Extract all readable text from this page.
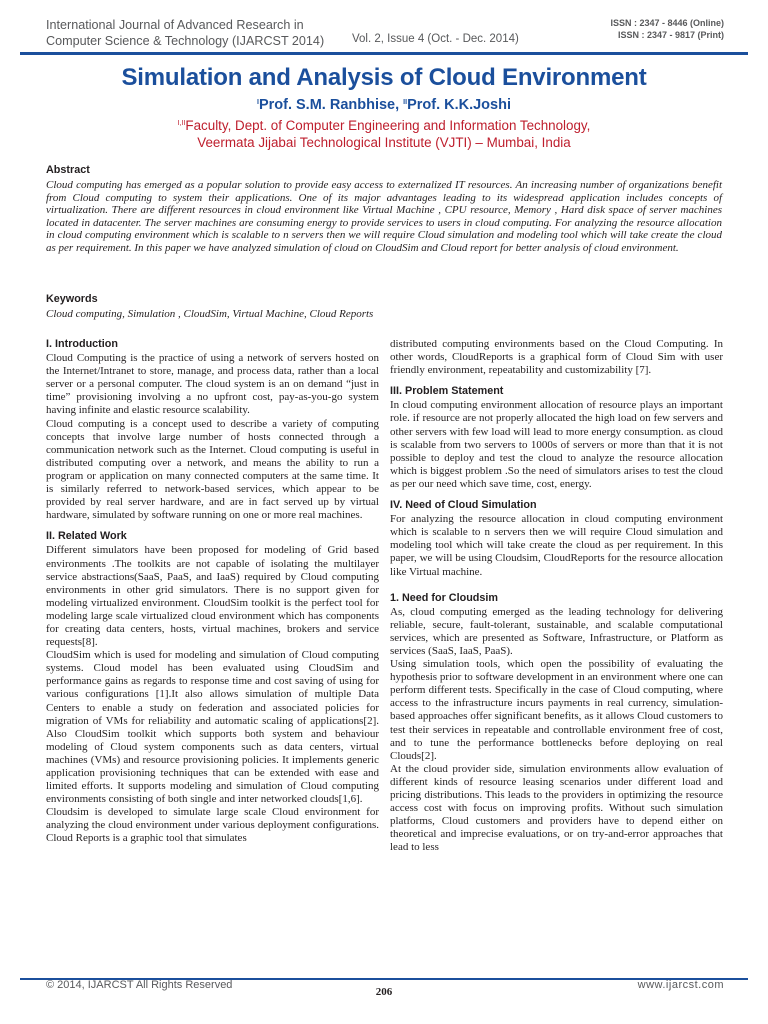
International Journal of Advanced Research in
Computer Science & Technology (IJARCST 2014)	Vol. 2, Issue 4 (Oct. - Dec. 2014)
ISSN : 2347 - 8446 (Online)
ISSN : 2347 - 9817 (Print)
Simulation and Analysis of Cloud Environment
$^I$Prof. S.M. Ranbhise, $^{II}$Prof. K.K.Joshi
$^{I,II}$Faculty, Dept. of Computer Engineering and Information Technology,
Veermata Jijabai Technological Institute (VJTI) – Mumbai, India
Abstract
Cloud computing has emerged as a popular solution to provide easy access to externalized IT resources. An increasing number of organizations benefit from Cloud computing to system their applications. One of its major advantages leading to its widespread application includes concepts of virtualization. There are different resources in cloud environment like Virtual Machine , CPU resource, Memory , Hard disk space of server machines located in datacenter. The server machines are consuming energy to provide services to users in cloud computing. For analyzing the resource allocation in cloud computing environment which is scalable to n servers then we will require Cloud simulation and modeling tool which will take create the cloud as per requirement. In this paper we have analyzed simulation of cloud on CloudSim and Cloud report for better analysis of cloud environment.
Keywords
Cloud computing, Simulation , CloudSim, Virtual Machine, Cloud Reports

I. Introduction

Cloud Computing is the practice of using a network of servers hosted on the Internet/Intranet to store, manage, and process data, rather than a local server or a personal computer. The cloud system is an on demand “just in time” provisioning involving a no upfront cost, pay-as-you-go system having infinite and elastic resource scalability.

Cloud computing is a concept used to describe a variety of computing concepts that involve large number of hosts connected through a communication network such as the Internet. Cloud computing is useful in distributed computing over a network, and means the ability to run a program or application on many connected computers at the same time. It is similarly referred to network-based services, which appear to be provided by real server hardware, and are in fact served up by virtual hardware, simulated by software running on one or more real machines.

II. Related Work

Different simulators have been proposed for modeling of Grid based environments .The toolkits are not capable of isolating the multilayer service abstractions(SaaS, PaaS, and IaaS) required by Cloud computing environments in other grid simulators. There is no support given for modeling virtualized environment. CloudSim toolkit is the perfect tool for modeling large scale virtualized cloud environment which has components for creating data centers, hosts, virtual machines, brokers and service requests[8].

CloudSim which is used for modeling and simulation of Cloud computing systems. Cloud model has been evaluated using CloudSim and performance gains as regards to response time and cost saving of using for various configurations [1].It also allows simulation of multiple Data Centers to enable a study on federation and associated policies for migration of VMs for reliability and automatic scaling of applications[2]. Also CloudSim toolkit which supports both system and behaviour modeling of Cloud system components such as data centers, virtual machines (VMs) and resource provisioning policies. It implements generic application provisioning techniques that can be extended with ease and limited efforts. It supports modeling and simulation of Cloud computing environments consisting of both single and inter networked clouds[1,6].

Cloudsim is developed to simulate large scale Cloud environment for analyzing the cloud environment under various deployment configurations. Cloud Reports is a graphic tool that simulates

distributed computing environments based on the Cloud Computing. In other words, CloudReports is a graphical form of Cloud Sim with user friendly environment, repeatability and customizability [7].

III. Problem Statement

In cloud computing environment allocation of resource plays an important role. if resource are not properly allocated the high load on few servers and other servers with few load will lead to more energy consumption. as cloud is scalable from two servers to 1000s of servers or more than that it is not possible to deploy and test the cloud to analyze the resource allocation which is biggest problem .So the need of simulators arises to test the cloud as per our need which save time, cost, energy.

IV. Need of Cloud Simulation

For analyzing the resource allocation in cloud computing environment which is scalable to n servers then we will require Cloud simulation and modeling tool which will take create the cloud as per requirement. In this paper, we will be using Cloudsim, CloudReports for the resource allocation like Virtual machine.

1. Need for Cloudsim

As, cloud computing emerged as the leading technology for delivering reliable, secure, fault-tolerant, sustainable, and scalable computational services, which are presented as Software, Infrastructure, or Platform as services (SaaS, IaaS, PaaS).

Using simulation tools, which open the possibility of evaluating the hypothesis prior to software development in an environment where one can perform different tests. Specifically in the case of Cloud computing, where access to the infrastructure incurs payments in real currency, simulation-based approaches offer significant benefits, as it allows Cloud customers to test their services in repeatable and controllable environment free of cost, and to tune the performance bottlenecks before deploying on real Clouds[2].

At the cloud provider side, simulation environments allow evaluation of different kinds of resource leasing scenarios under different load and pricing distributions. This leads to the providers in optimizing the resource access cost with focus on improving profits. Without such simulation platforms, Cloud customers and providers have to depend either on theoretical and imprecise evaluations, or on try-and-error approaches that lead to less

© 2014, IJARCST All Rights Reserved
206
www.ijarcst.com
